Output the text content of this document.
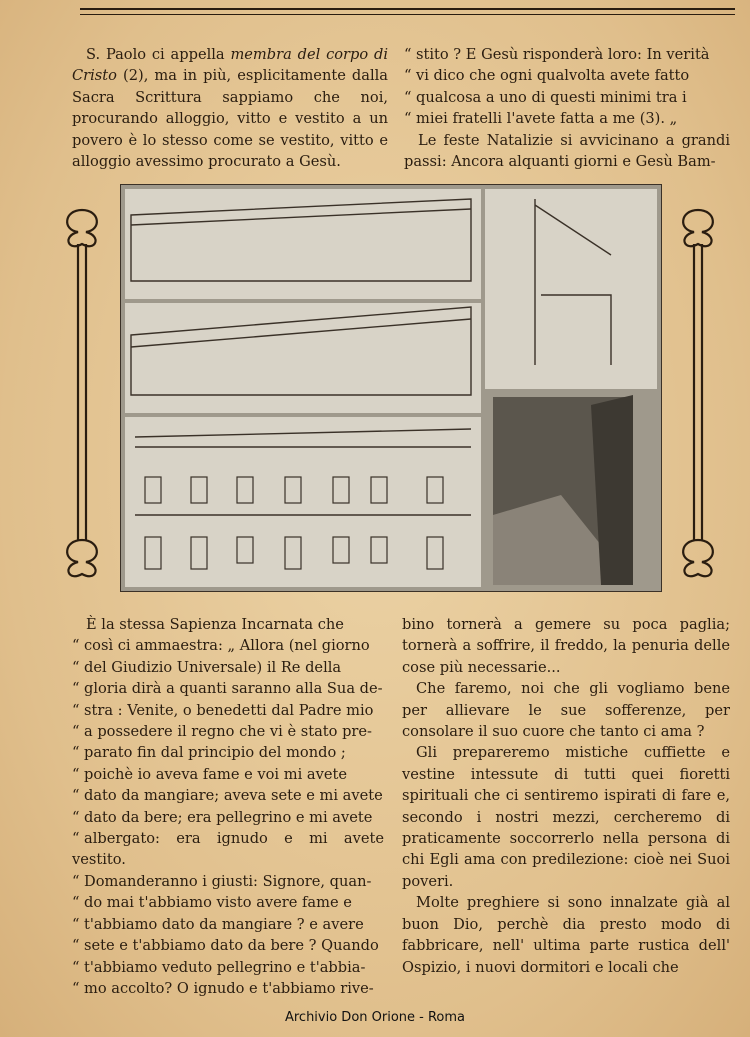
S. Paolo ci appella membra del corpo di Cristo (2), ma in più, esplicitamente dalla Sacra Scrittura sappiamo che noi, procurando alloggio, vitto e vestito a un povero è lo stesso come se vestito, vitto e alloggio avessimo procurato a Gesù.

“ stito ? E Gesù risponderà loro: In verità

“ vi dico che ogni qualvolta avete fatto

“ qualcosa a uno di questi minimi tra i

“ miei fratelli l'avete fatta a me (3). „

Le feste Natalizie si avvicinano a grandi passi: Ancora alquanti giorni e Gesù Bam-

È la stessa Sapienza Incarnata che

“ così ci ammaestra: „ Allora (nel giorno

“ del Giudizio Universale) il Re della

“ gloria dirà a quanti saranno alla Sua de-

“ stra : Venite, o benedetti dal Padre mio

“ a possedere il regno che vi è stato pre-

“ parato fin dal principio del mondo ;

“ poichè io aveva fame e voi mi avete

“ dato da mangiare; aveva sete e mi avete

“ dato da bere; era pellegrino e mi avete

“ albergato: era ignudo e mi avete vestito.

“ Domanderanno i giusti: Signore, quan-

“ do mai t'abbiamo visto avere fame e

“ t'abbiamo dato da mangiare ? e avere

“ sete e t'abbiamo dato da bere ? Quando

“ t'abbiamo veduto pellegrino e t'abbia-

“ mo accolto? O ignudo e t'abbiamo rive-

bino tornerà a gemere su poca paglia; tornerà a soffrire, il freddo, la penuria delle cose più necessarie...

Che faremo, noi che gli vogliamo bene per allievare le sue sofferenze, per consolare il suo cuore che tanto ci ama ?

Gli prepareremo mistiche cuffiette e vestine intessute di tutti quei fioretti spirituali che ci sentiremo ispirati di fare e, secondo i nostri mezzi, cercheremo di praticamente soccorrerlo nella persona di chi Egli ama con predilezione: cioè nei Suoi poveri.

Molte preghiere si sono innalzate già al buon Dio, perchè dia presto modo di fabbricare, nell' ultima parte rustica dell' Ospizio, i nuovi dormitori e locali che

Archivio Don Orione - Roma
